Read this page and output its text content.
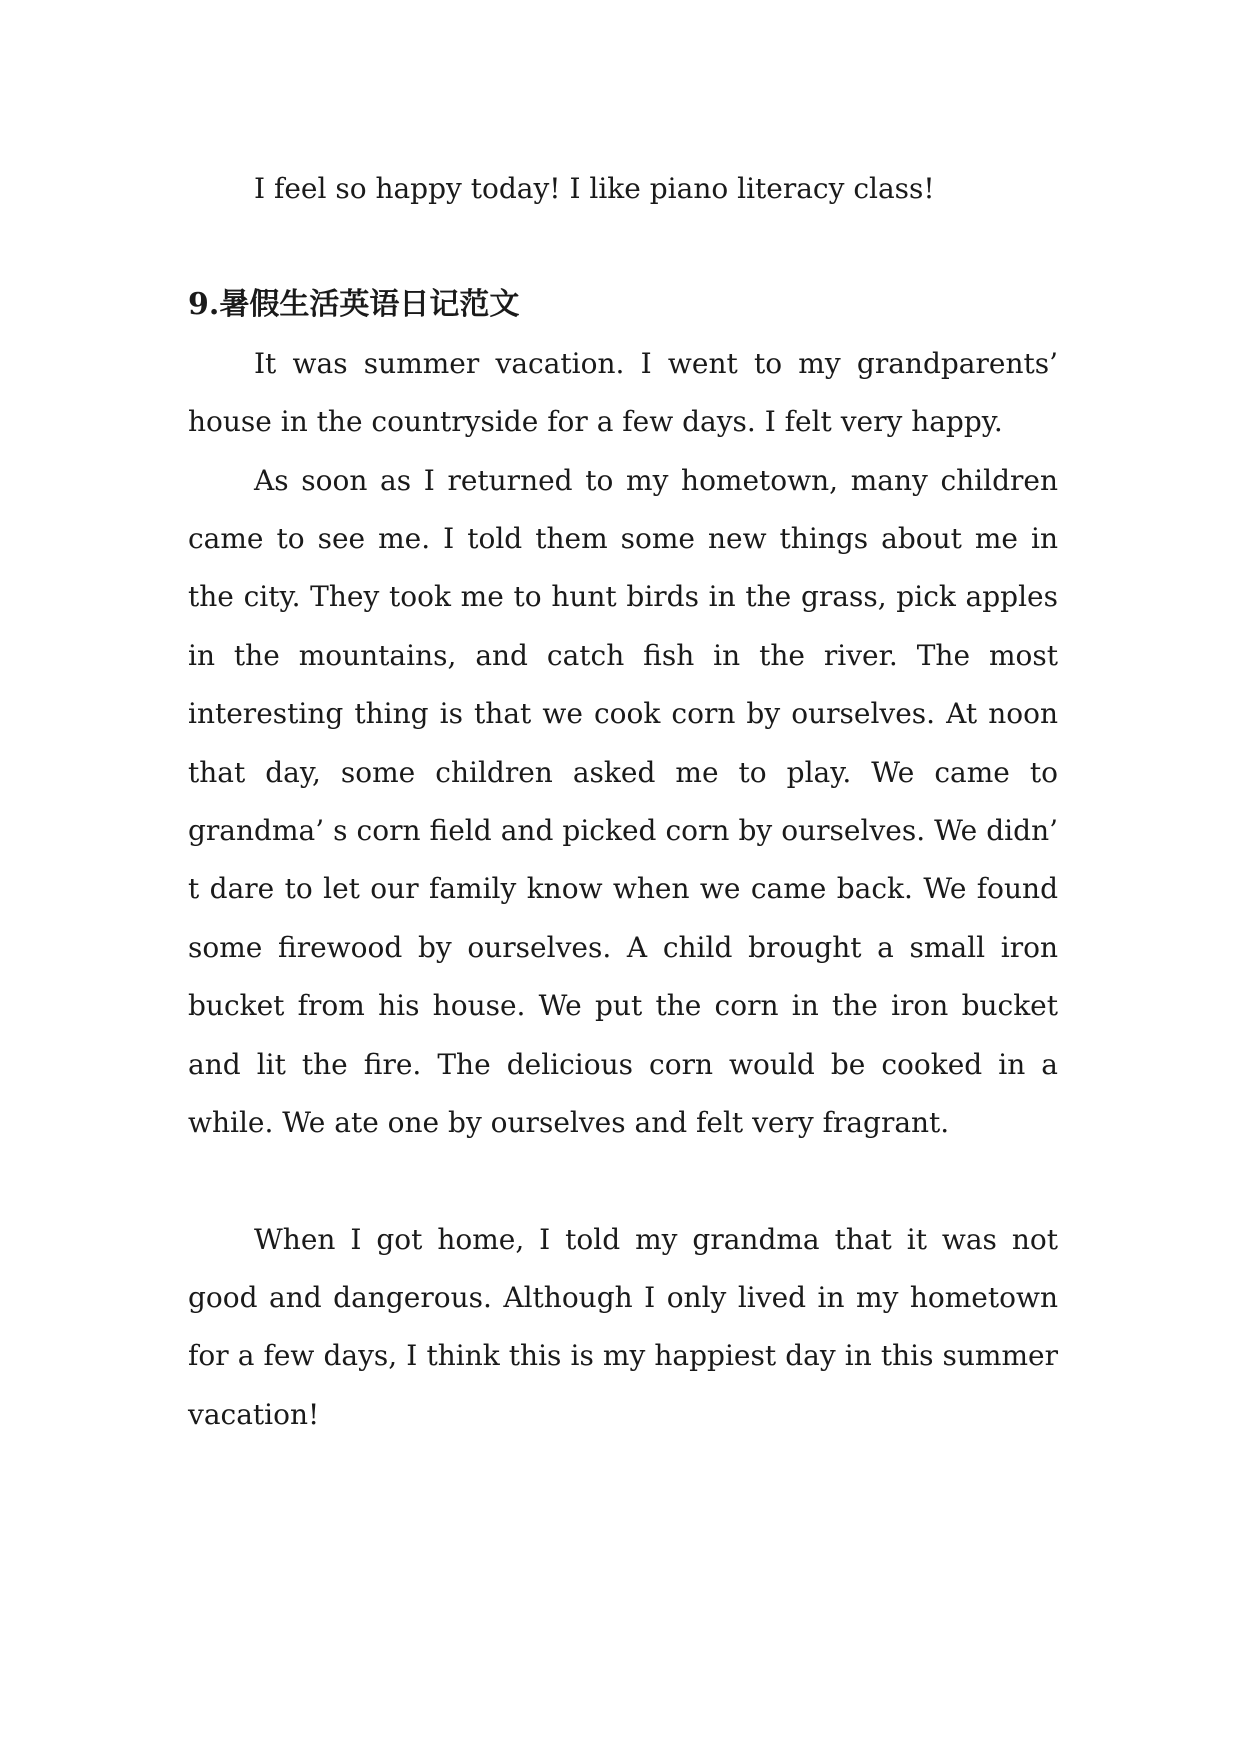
I feel so happy today! I like piano literacy class!

9.暑假生活英语日记范文

It was summer vacation. I went to my grandparents’ house in the countryside for a few days. I felt very happy.

As soon as I returned to my hometown, many children came to see me. I told them some new things about me in the city. They took me to hunt birds in the grass, pick apples in the mountains, and catch fish in the river. The most interesting thing is that we cook corn by ourselves. At noon that day, some children asked me to play. We came to grandma’ s corn field and picked corn by ourselves. We didn’ t dare to let our family know when we came back. We found some firewood by ourselves. A child brought a small iron bucket from his house. We put the corn in the iron bucket and lit the fire. The delicious corn would be cooked in a while. We ate one by ourselves and felt very fragrant.

When I got home, I told my grandma that it was not good and dangerous. Although I only lived in my hometown for a few days, I think this is my happiest day in this summer vacation!
